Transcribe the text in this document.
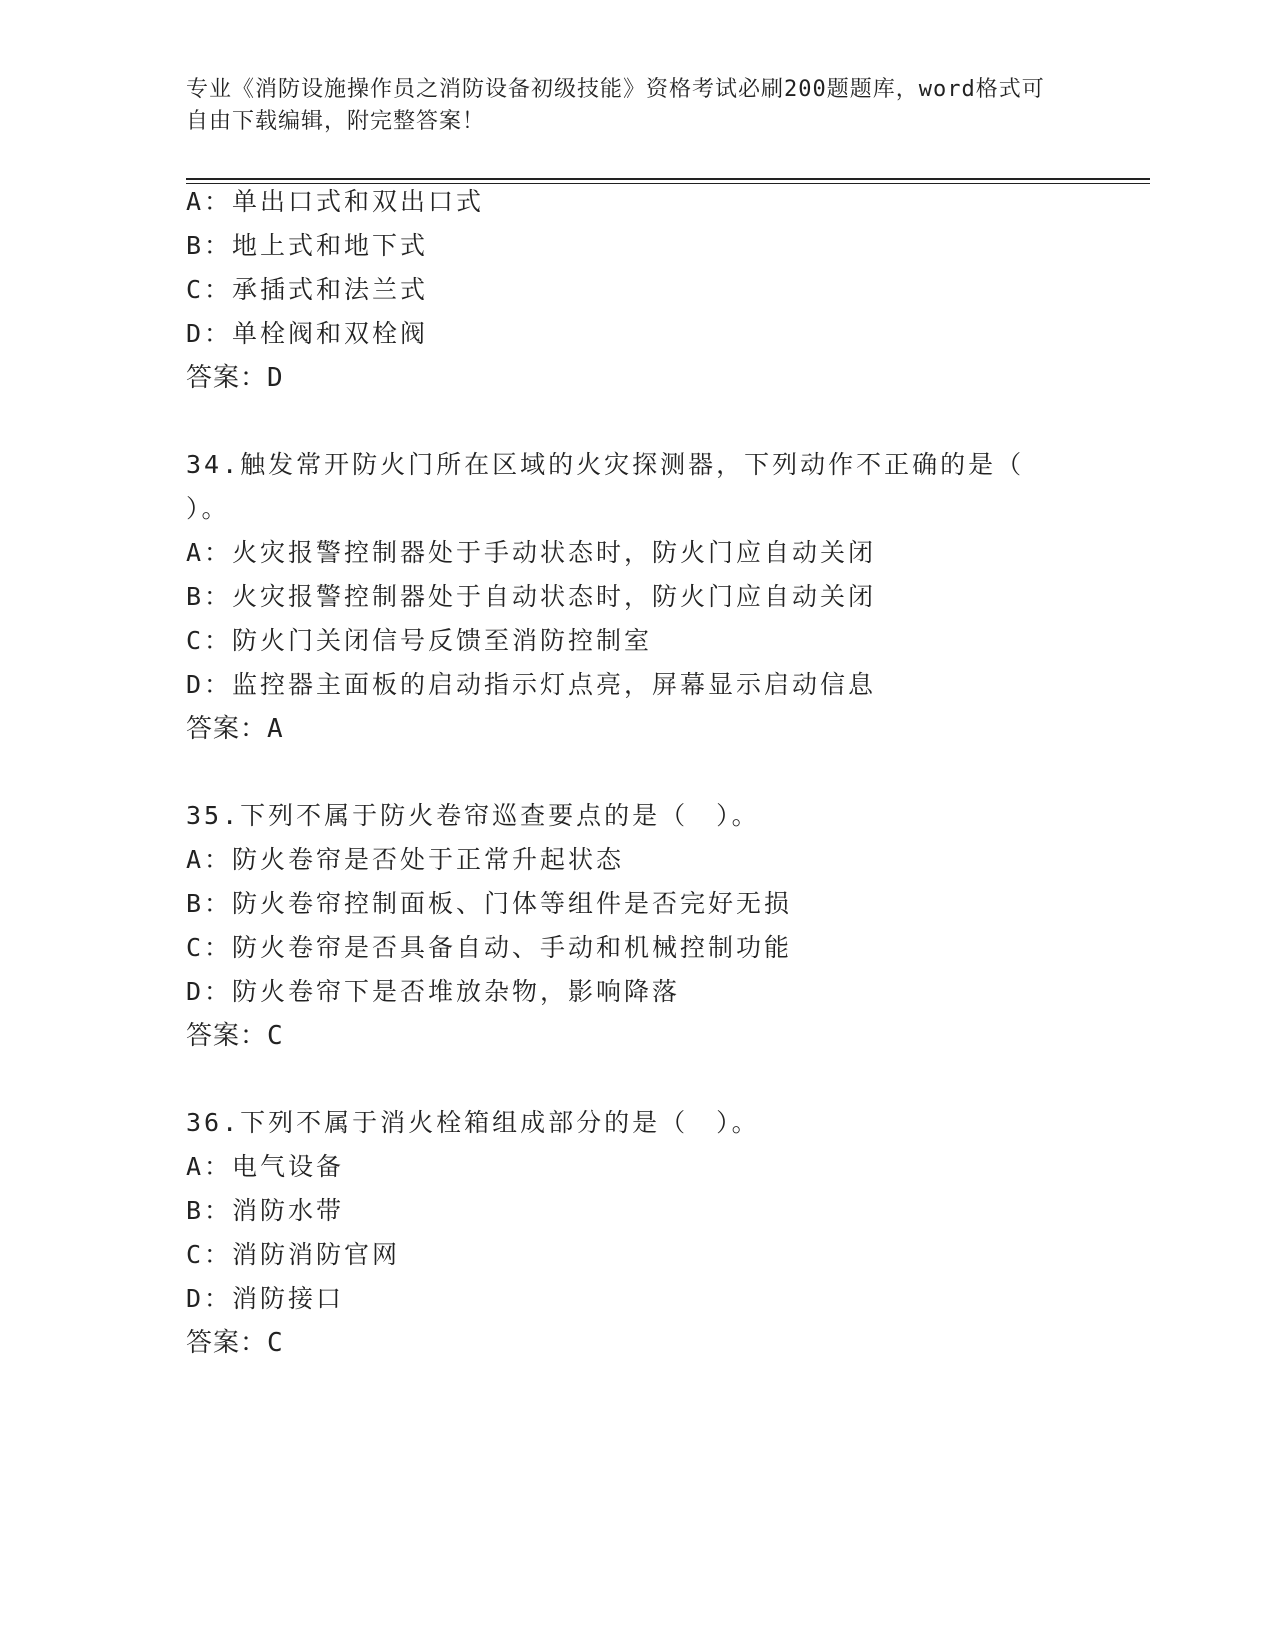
专业《消防设施操作员之消防设备初级技能》资格考试必刷200题题库，word格式可自由下载编辑，附完整答案！
A：单出口式和双出口式
B：地上式和地下式
C：承插式和法兰式
D：单栓阀和双栓阀
答案：D
34.触发常开防火门所在区域的火灾探测器，下列动作不正确的是（
）。
A：火灾报警控制器处于手动状态时，防火门应自动关闭
B：火灾报警控制器处于自动状态时，防火门应自动关闭
C：防火门关闭信号反馈至消防控制室
D：监控器主面板的启动指示灯点亮，屏幕显示启动信息
答案：A
35.下列不属于防火卷帘巡查要点的是（　）。
A：防火卷帘是否处于正常升起状态
B：防火卷帘控制面板、门体等组件是否完好无损
C：防火卷帘是否具备自动、手动和机械控制功能
D：防火卷帘下是否堆放杂物，影响降落
答案：C
36.下列不属于消火栓箱组成部分的是（　）。
A：电气设备
B：消防水带
C：消防消防官网
D：消防接口
答案：C
